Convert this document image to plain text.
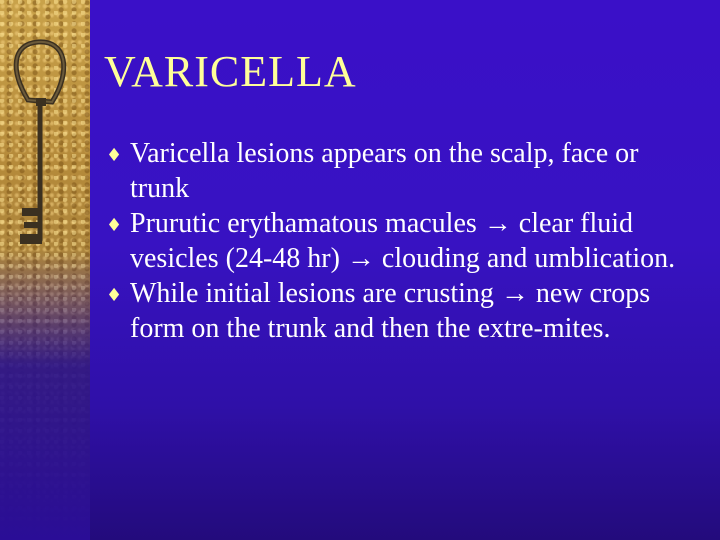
VARICELLA
♦ Varicella lesions appears on the scalp, face or trunk
♦ Prurutic erythamatous macules → clear fluid vesicles (24-48 hr) → clouding and umblication.
♦ While initial lesions are crusting → new crops form on the trunk and then the extre-mites.
